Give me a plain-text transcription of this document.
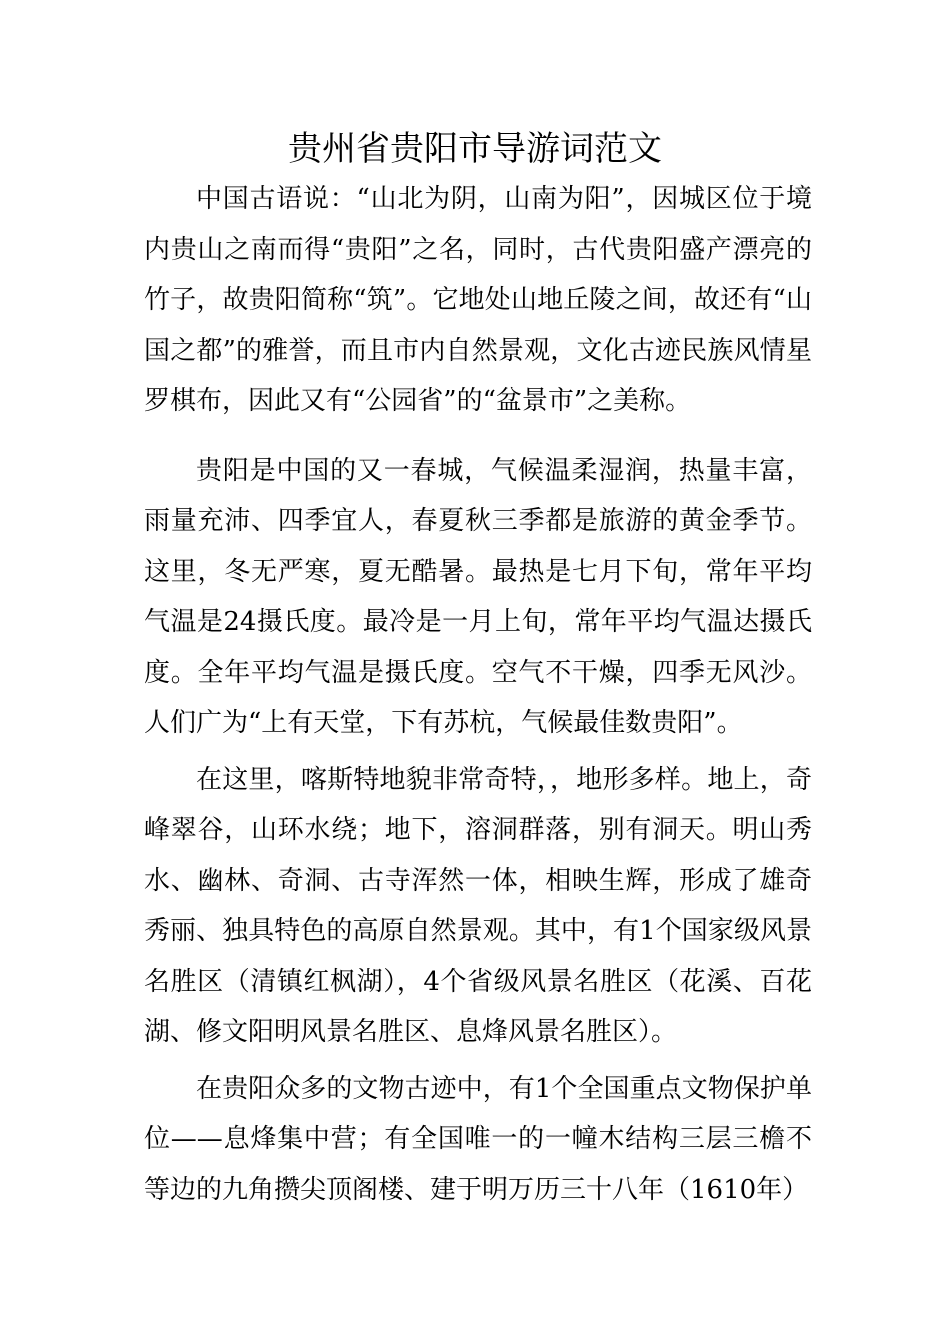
贵州省贵阳市导游词范文

中国古语说：“山北为阴，山南为阳”，因城区位于境内贵山之南而得“贵阳”之名，同时，古代贵阳盛产漂亮的竹子，故贵阳简称“筑”。它地处山地丘陵之间，故还有“山国之都”的雅誉，而且市内自然景观，文化古迹民族风情星罗棋布，因此又有“公园省”的“盆景市”之美称。

贵阳是中国的又一春城，气候温柔湿润，热量丰富，雨量充沛、四季宜人，春夏秋三季都是旅游的黄金季节。这里，冬无严寒，夏无酷暑。最热是七月下旬，常年平均气温是24摄氏度。最冷是一月上旬，常年平均气温达摄氏度。全年平均气温是摄氏度。空气不干燥，四季无风沙。人们广为“上有天堂，下有苏杭，气候最佳数贵阳”。

在这里，喀斯特地貌非常奇特，，地形多样。地上，奇峰翠谷，山环水绕；地下，溶洞群落，别有洞天。明山秀水、幽林、奇洞、古寺浑然一体，相映生辉，形成了雄奇秀丽、独具特色的高原自然景观。其中，有1个国家级风景名胜区（清镇红枫湖），4个省级风景名胜区（花溪、百花湖、修文阳明风景名胜区、息烽风景名胜区）。

在贵阳众多的文物古迹中，有1个全国重点文物保护单位——息烽集中营；有全国唯一的一幢木结构三层三檐不等边的九角攒尖顶阁楼、建于明万历三十八年（1610年）
